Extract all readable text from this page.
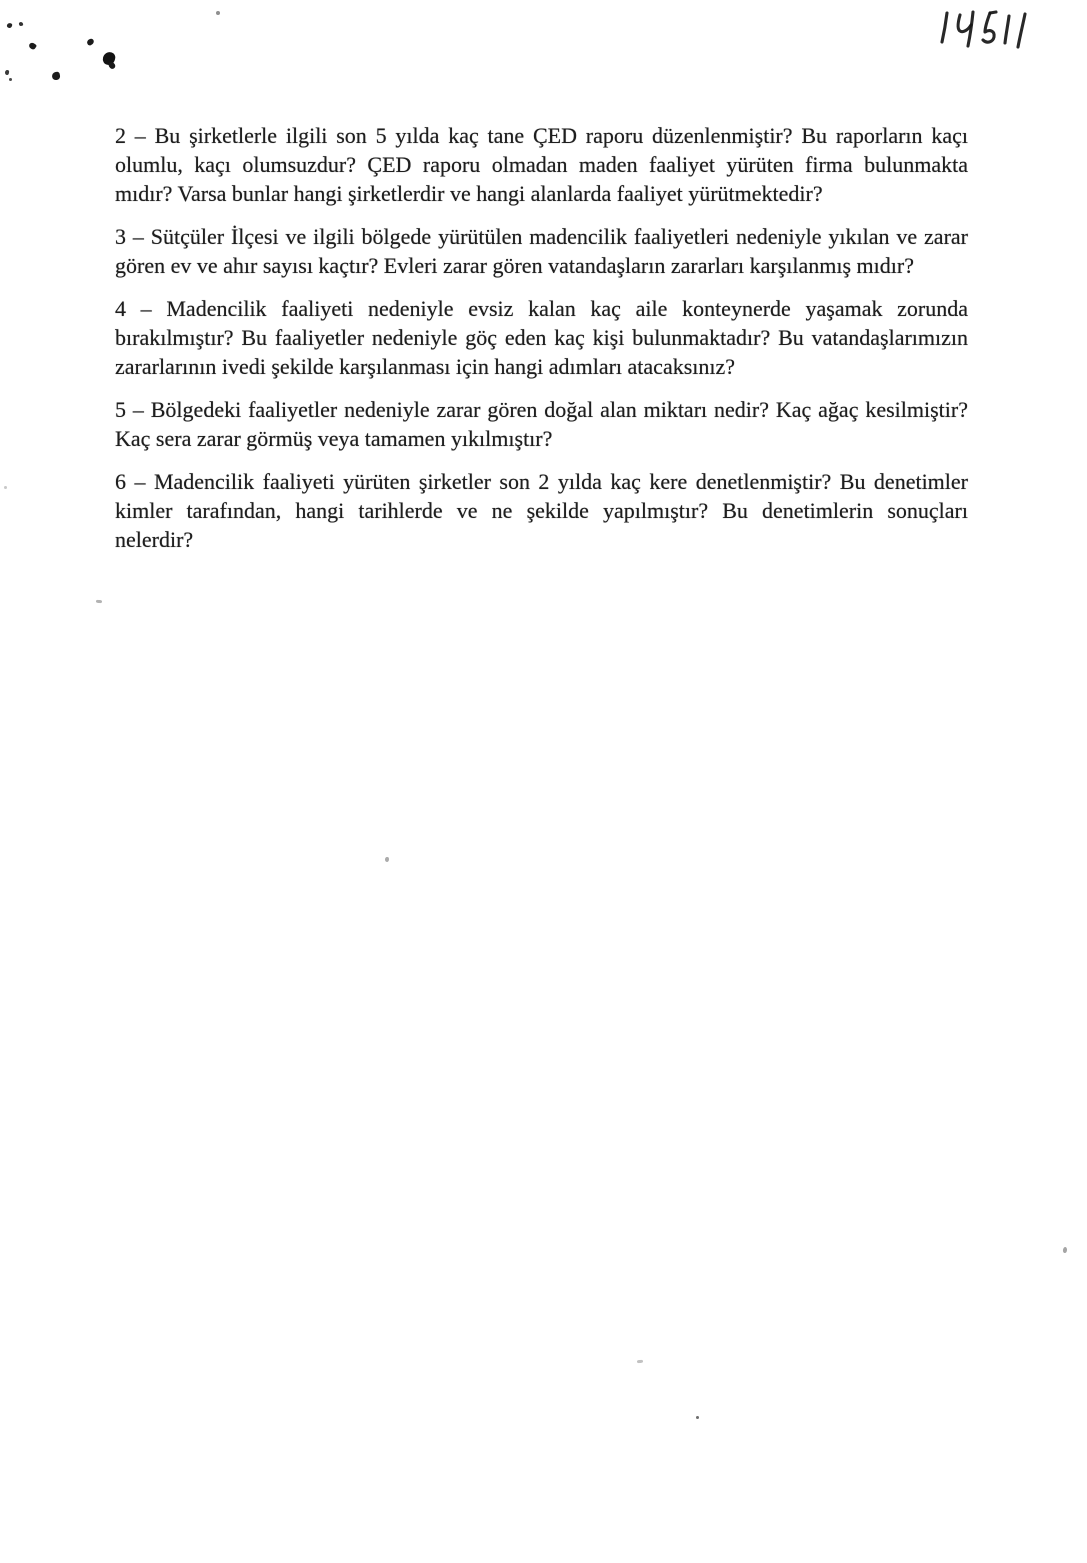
2 – Bu şirketlerle ilgili son 5 yılda kaç tane ÇED raporu düzenlenmiştir? Bu raporların kaçı
olumlu, kaçı olumsuzdur? ÇED raporu olmadan maden faaliyet yürüten firma bulunmakta
mıdır? Varsa bunlar hangi şirketlerdir ve hangi alanlarda faaliyet yürütmektedir?

3 – Sütçüler İlçesi ve ilgili bölgede yürütülen madencilik faaliyetleri nedeniyle yıkılan ve zarar
gören ev ve ahır sayısı kaçtır? Evleri zarar gören vatandaşların zararları karşılanmış mıdır?

4 – Madencilik faaliyeti nedeniyle evsiz kalan kaç aile konteynerde yaşamak zorunda
bırakılmıştır? Bu faaliyetler nedeniyle göç eden kaç kişi bulunmaktadır? Bu vatandaşlarımızın
zararlarının ivedi şekilde karşılanması için hangi adımları atacaksınız?

5 – Bölgedeki faaliyetler nedeniyle zarar gören doğal alan miktarı nedir? Kaç ağaç kesilmiştir?
Kaç sera zarar görmüş veya tamamen yıkılmıştır?

6 – Madencilik faaliyeti yürüten şirketler son 2 yılda kaç kere denetlenmiştir? Bu denetimler
kimler tarafından, hangi tarihlerde ve ne şekilde yapılmıştır? Bu denetimlerin sonuçları
nelerdir?
